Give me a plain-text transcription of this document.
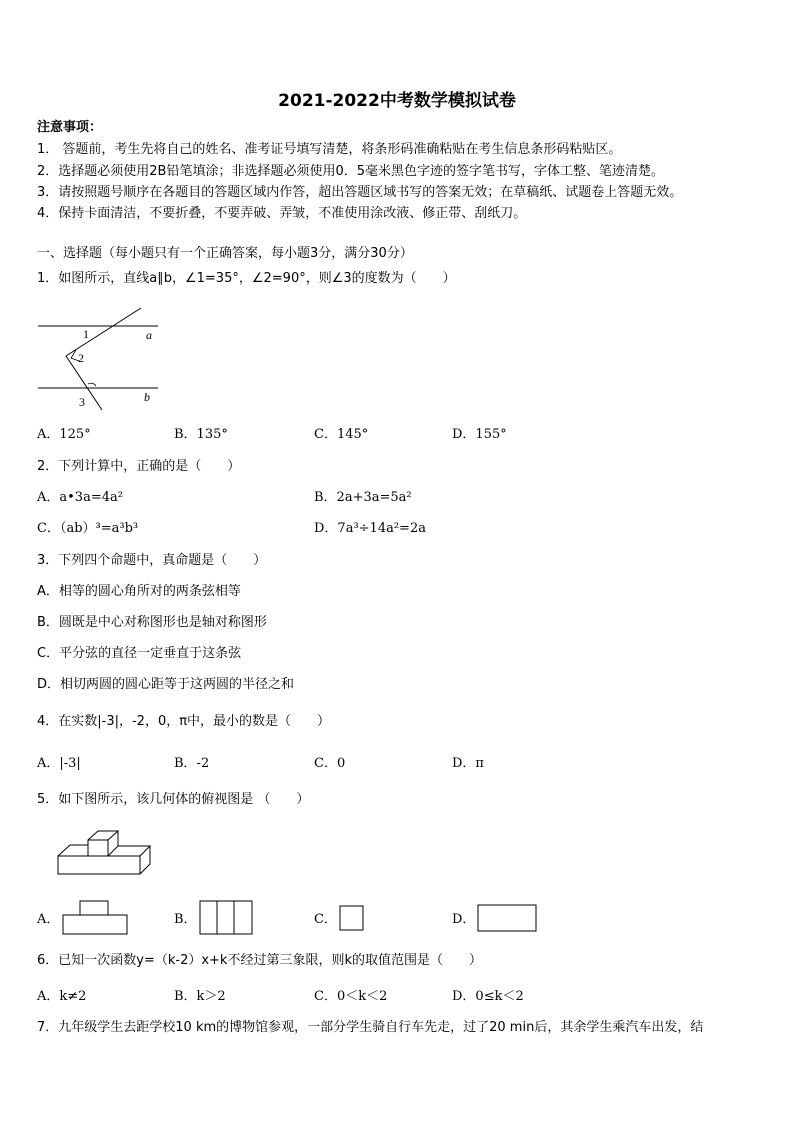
2021-2022中考数学模拟试卷
注意事项：
1． 答题前，考生先将自己的姓名、准考证号填写清楚，将条形码准确粘贴在考生信息条形码粘贴区。
2．选择题必须使用2B铅笔填涂；非选择题必须使用0．5毫米黑色字迹的签字笔书写，字体工整、笔迹清楚。
3．请按照题号顺序在各题目的答题区域内作答，超出答题区域书写的答案无效；在草稿纸、试题卷上答题无效。
4．保持卡面清洁，不要折叠，不要弄破、弄皱，不准使用涂改液、修正带、刮纸刀。
一、选择题（每小题只有一个正确答案，每小题3分，满分30分）
1．如图所示，直线a∥b，∠1=35°，∠2=90°，则∠3的度数为（　　）
1
2
3
a
b
A．125°	B．135°	C．145°	D．155°
2．下列计算中，正确的是（　　）
A．a•3a=4a²	B．2a+3a=5a²
C．（ab）³=a³b³	D．7a³÷14a²=2a
3．下列四个命题中，真命题是（　　）
A．相等的圆心角所对的两条弦相等
B．圆既是中心对称图形也是轴对称图形
C．平分弦的直径一定垂直于这条弦
D．相切两圆的圆心距等于这两圆的半径之和
4．在实数|-3|，-2，0，π中，最小的数是（　　）
A．|-3|	B．-2	C．0	D．π
5．如下图所示，该几何体的俯视图是 （　　）
A．	B．	C．	D．
6．已知一次函数y=（k-2）x+k不经过第三象限，则k的取值范围是（　　）
A．k≠2	B．k＞2	C．0＜k＜2	D．0≤k＜2
7．九年级学生去距学校10 km的博物馆参观，一部分学生骑自行车先走，过了20 min后，其余学生乘汽车出发，结
